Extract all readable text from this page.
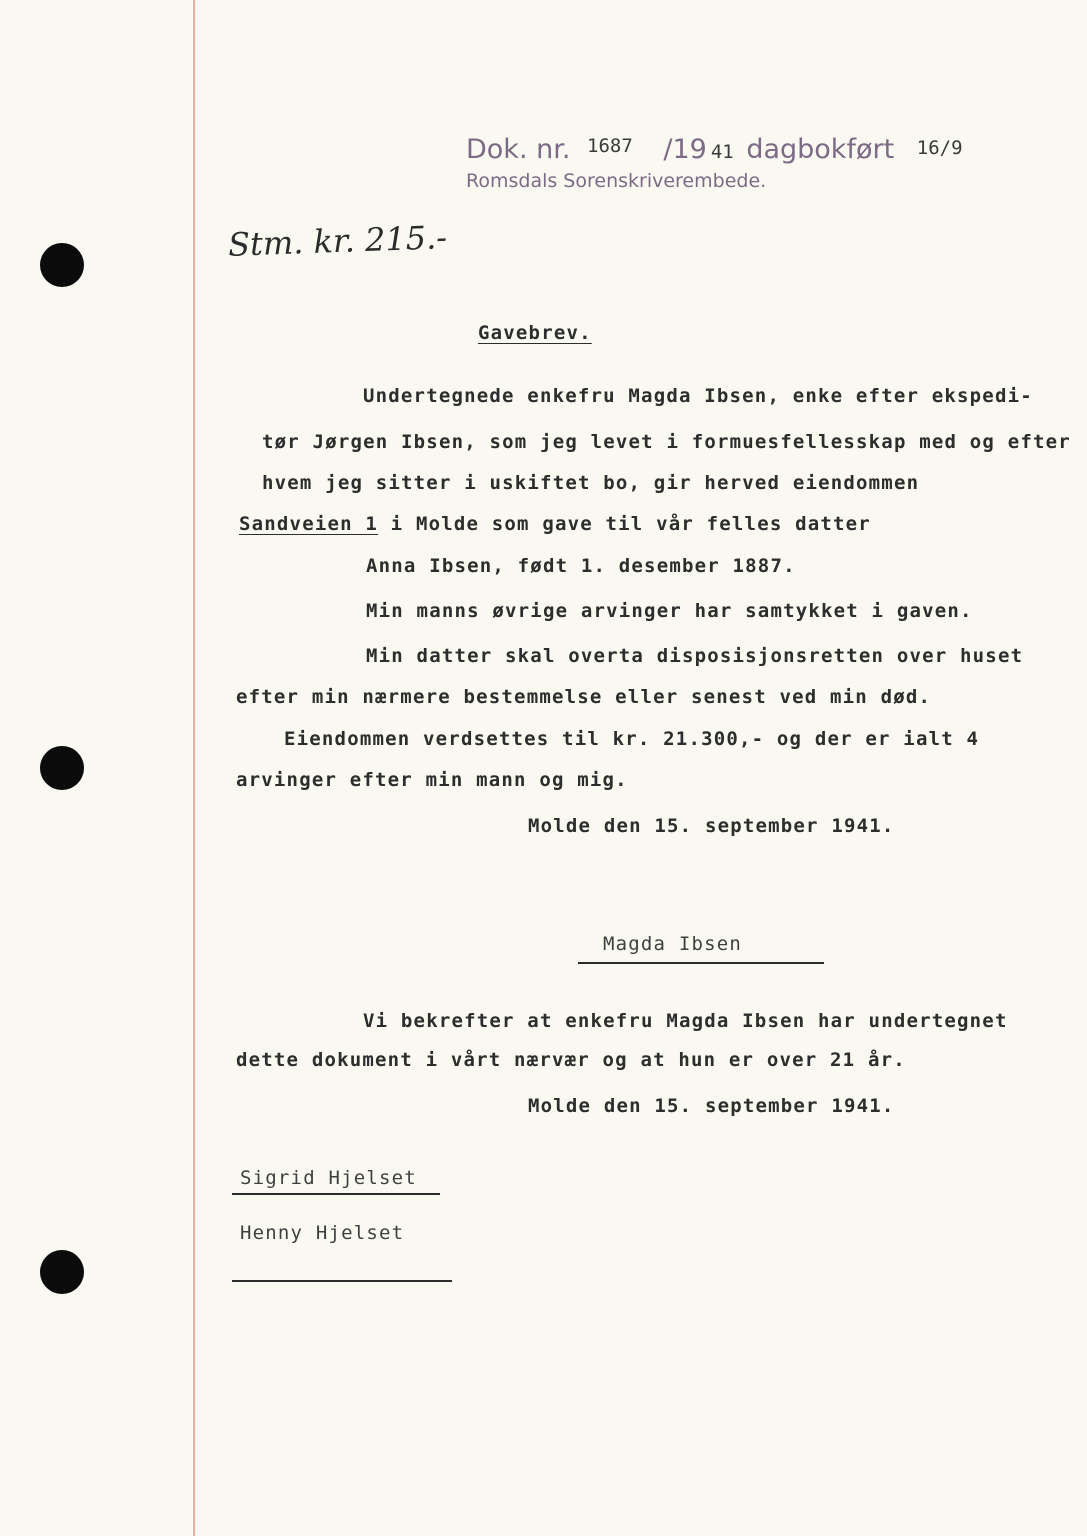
Dok. nr. $^{1687}$ /19 41 dagbokført 16/9
Romsdals Sorenskriverembede.
Stm. kr. 215.-
Gavebrev.
Undertegnede enkefru Magda Ibsen, enke efter ekspedi-
tør Jørgen Ibsen, som jeg levet i formuesfellesskap med og efter
hvem jeg sitter i uskiftet bo, gir herved eiendommen
Sandveien 1 i Molde som gave til vår felles datter
Anna Ibsen, født 1. desember 1887.
Min manns øvrige arvinger har samtykket i gaven.
Min datter skal overta disposisjonsretten over huset
efter min nærmere bestemmelse eller senest ved min død.
Eiendommen verdsettes til kr. 21.300,- og der er ialt 4
arvinger efter min mann og mig.
Molde den 15. september 1941.
Magda Ibsen
Vi bekrefter at enkefru Magda Ibsen har undertegnet
dette dokument i vårt nærvær og at hun er over 21 år.
Molde den 15. september 1941.
Sigrid Hjelset
Henny Hjelset
